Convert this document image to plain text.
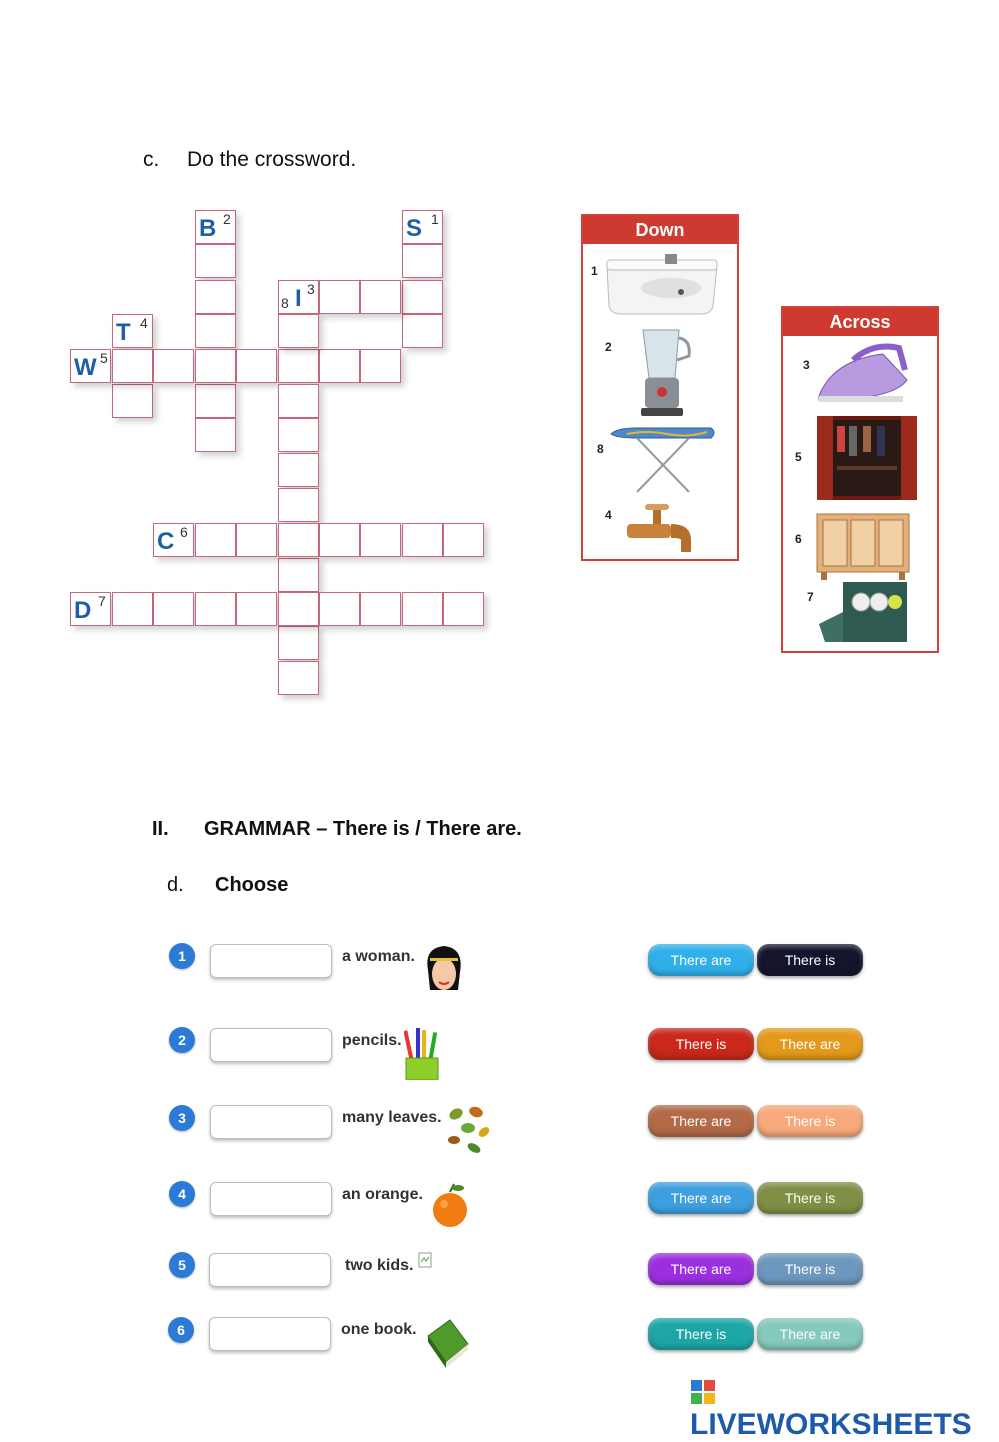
c. Do the crossword.
B 2	S 1
8 I 3
T 4
W 5
C 6
D 7
Down
1
2
8
4
Across
3
5
6
7
II. GRAMMAR – There is / There are.
d. Choose
1	a woman.	There are	There is
2	pencils.	There is	There are
3	many leaves.	There are	There is
4	an orange.	There are	There is
5	two kids.	There are	There is
6	one book.	There is	There are
LIVEWORKSHEETS
